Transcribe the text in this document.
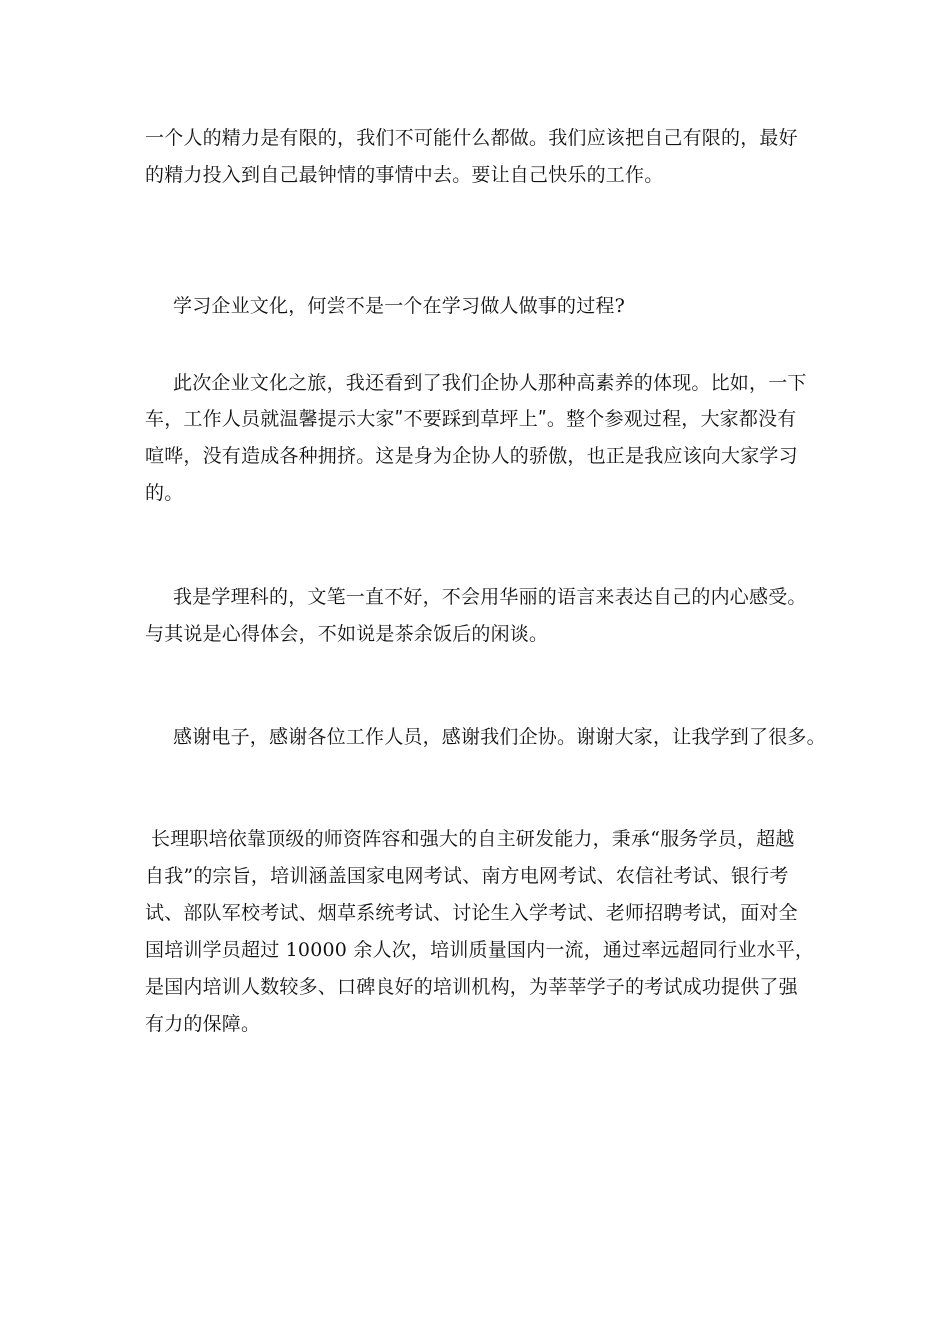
一个人的精力是有限的，我们不可能什么都做。我们应该把自己有限的，最好
的精力投入到自己最钟情的事情中去。要让自己快乐的工作。
学习企业文化，何尝不是一个在学习做人做事的过程?
此次企业文化之旅，我还看到了我们企协人那种高素养的体现。比如，一下
车，工作人员就温馨提示大家ʺ不要踩到草坪上ʺ。整个参观过程，大家都没有
喧哗，没有造成各种拥挤。这是身为企协人的骄傲，也正是我应该向大家学习
的。
我是学理科的，文笔一直不好，不会用华丽的语言来表达自己的内心感受。
与其说是心得体会，不如说是茶余饭后的闲谈。
感谢电子，感谢各位工作人员，感谢我们企协。谢谢大家，让我学到了很多。
长理职培依靠顶级的师资阵容和强大的自主研发能力，秉承“服务学员，超越
自我”的宗旨，培训涵盖国家电网考试、南方电网考试、农信社考试、银行考
试、部队军校考试、烟草系统考试、讨论生入学考试、老师招聘考试，面对全
国培训学员超过 10000 余人次，培训质量国内一流，通过率远超同行业水平，
是国内培训人数较多、口碑良好的培训机构，为莘莘学子的考试成功提供了强
有力的保障。
